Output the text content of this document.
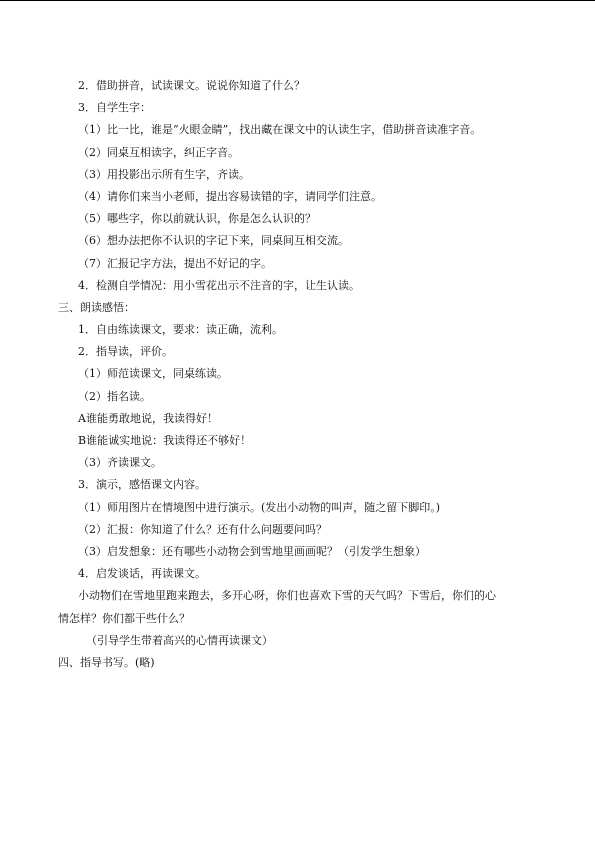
2．借助拼音，试读课文。说说你知道了什么？
3．自学生字：
（1）比一比，谁是“火眼金睛”，找出藏在课文中的认读生字，借助拼音读准字音。
（2）同桌互相读字，纠正字音。
（3）用投影出示所有生字，齐读。
（4）请你们来当小老师，提出容易读错的字，请同学们注意。
（5）哪些字，你以前就认识，你是怎么认识的？
（6）想办法把你不认识的字记下来，同桌间互相交流。
（7）汇报记字方法，提出不好记的字。
4．检测自学情况：用小雪花出示不注音的字，让生认读。
三、朗读感悟：
1．自由练读课文，要求：读正确，流利。
2．指导读，评价。
（1）师范读课文，同桌练读。
（2）指名读。
A谁能勇敢地说，我读得好！
B谁能诚实地说：我读得还不够好！
（3）齐读课文。
3．演示，感悟课文内容。
（1）师用图片在情境图中进行演示。(发出小动物的叫声，随之留下脚印。)
（2）汇报：你知道了什么？还有什么问题要问吗？
（3）启发想象：还有哪些小动物会到雪地里画画呢？（引发学生想象）
4．启发谈话，再读课文。
小动物们在雪地里跑来跑去，多开心呀，你们也喜欢下雪的天气吗？下雪后，你们的心
情怎样？你们都干些什么？
（引导学生带着高兴的心情再读课文）
四、指导书写。(略)
